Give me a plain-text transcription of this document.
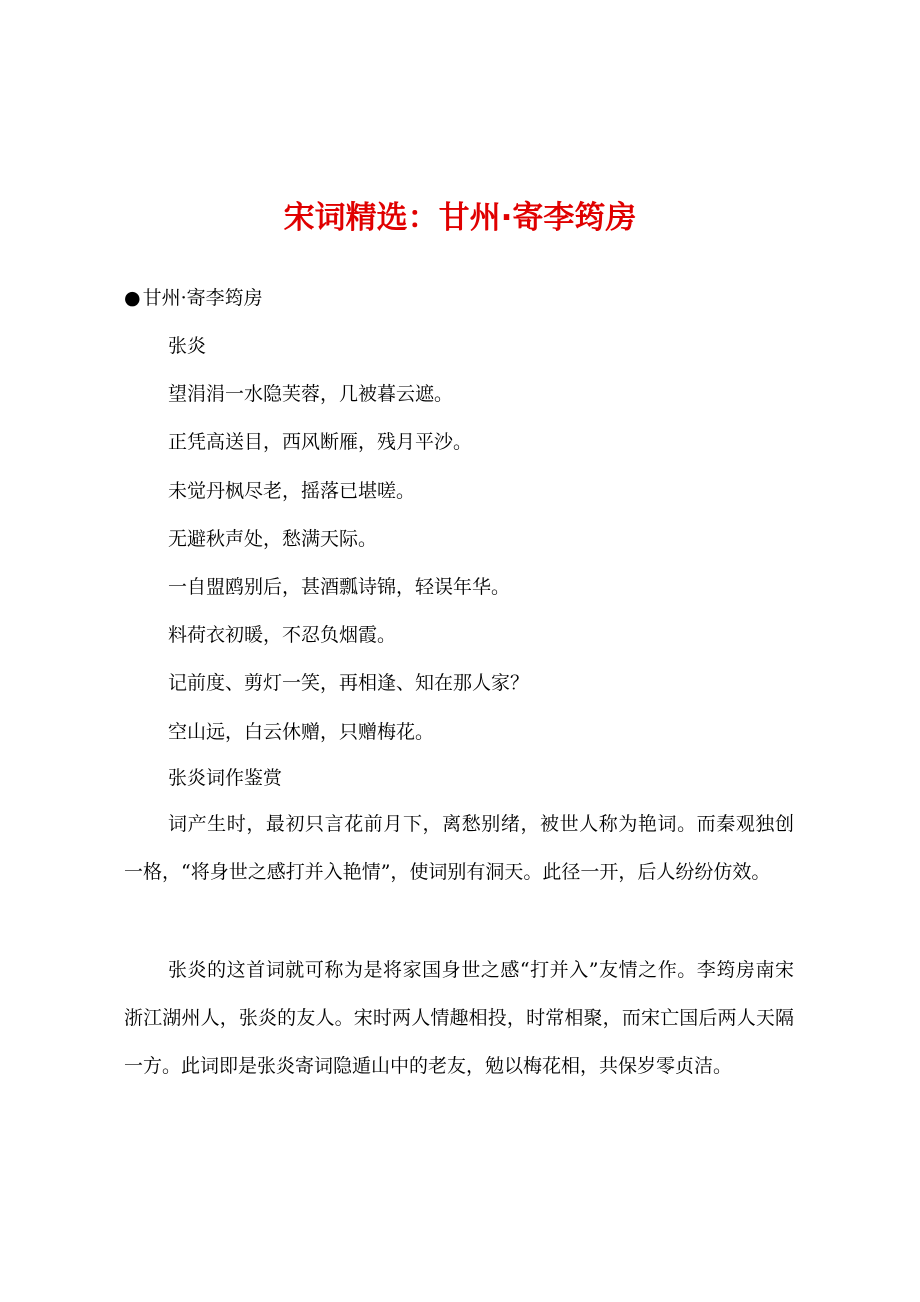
宋词精选：甘州·寄李筠房
● 甘州·寄李筠房
张炎
望涓涓一水隐芙蓉，几被暮云遮。
正凭高送目，西风断雁，残月平沙。
未觉丹枫尽老，摇落已堪嗟。
无避秋声处，愁满天际。
一自盟鸥别后，甚酒瓢诗锦，轻误年华。
料荷衣初暖，不忍负烟霞。
记前度、剪灯一笑，再相逢、知在那人家？
空山远，白云休赠，只赠梅花。
张炎词作鉴赏

词产生时，最初只言花前月下，离愁别绪，被世人称为艳词。而秦观独创一格，“将身世之感打并入艳情”，使词别有洞天。此径一开，后人纷纷仿效。

张炎的这首词就可称为是将家国身世之感“打并入”友情之作。李筠房南宋浙江湖州人，张炎的友人。宋时两人情趣相投，时常相聚，而宋亡国后两人天隔一方。此词即是张炎寄词隐遁山中的老友，勉以梅花相，共保岁零贞洁。
